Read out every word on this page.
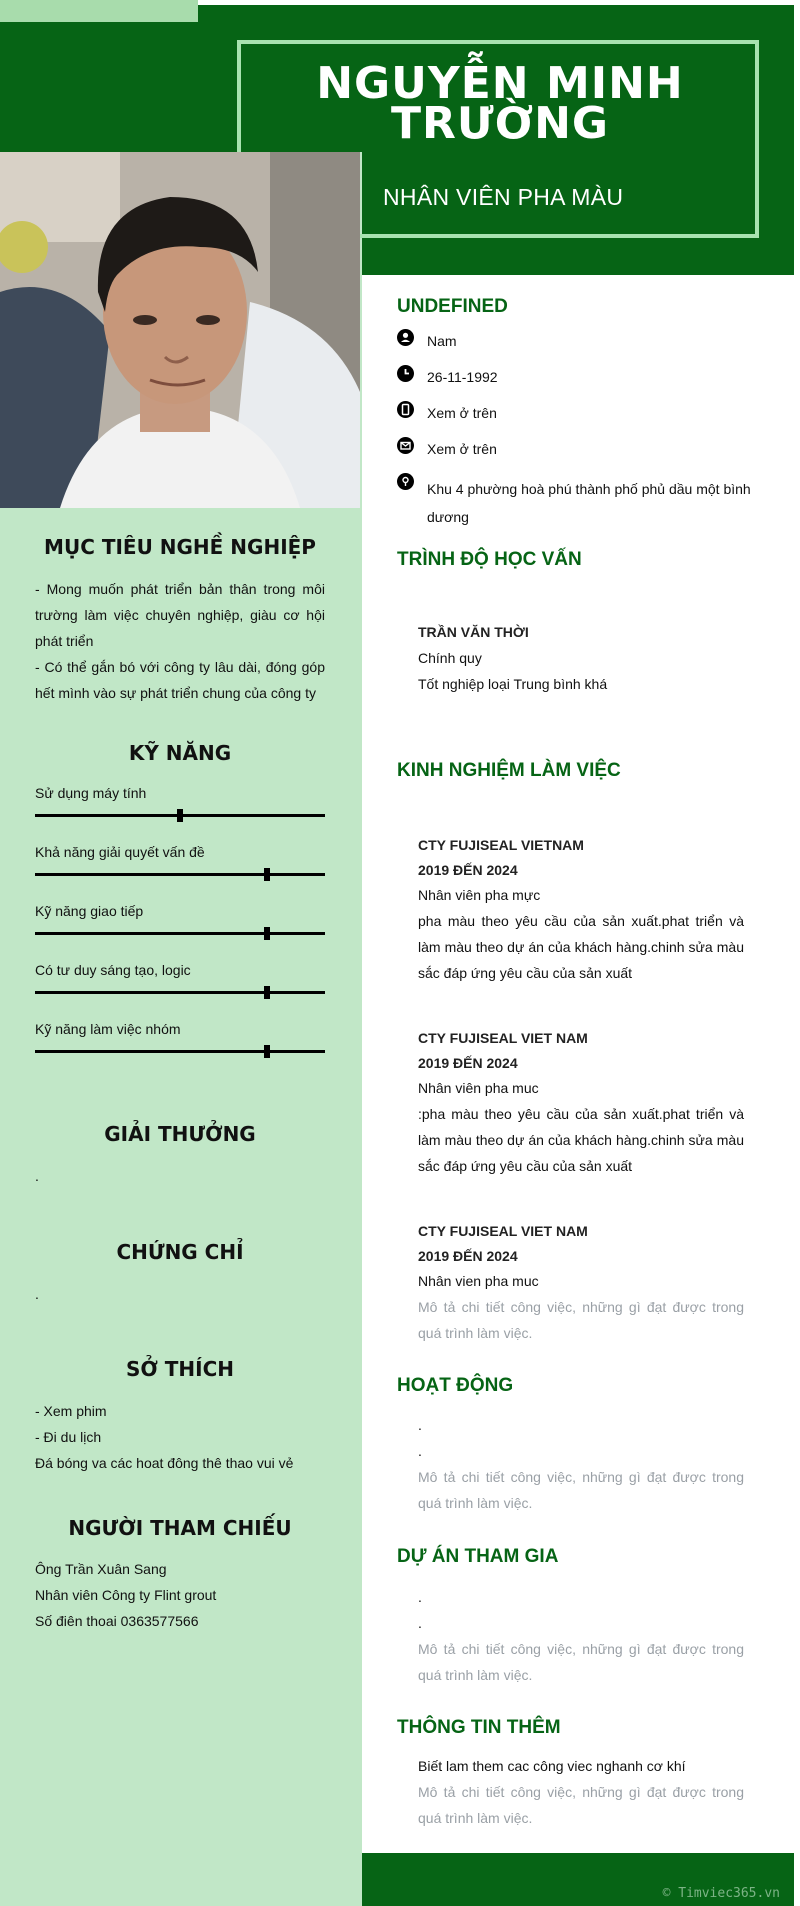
NGUYỄN MINH
TRƯỜNG
NHÂN VIÊN PHA MÀU
UNDEFINED
Nam
26-11-1992
Xem ở trên
Xem ở trên
Khu 4 phường hoà phú thành phố phủ dầu một bình dương
TRÌNH ĐỘ HỌC VẤN
TRẦN VĂN THỜI
Chính quy
Tốt nghiệp loại Trung bình khá
KINH NGHIỆM LÀM VIỆC
CTY FUJISEAL VIETNAM
2019 ĐẾN 2024
Nhân viên pha mực
pha màu theo yêu cầu của sản xuất.phat triển và làm màu theo dự án của khách hàng.chinh sửa màu sắc đáp ứng yêu cầu của sản xuất
CTY FUJISEAL VIET NAM
2019 ĐẾN 2024
Nhân viên pha muc
:pha màu theo yêu cầu của sản xuất.phat triển và làm màu theo dự án của khách hàng.chinh sửa màu sắc đáp ứng yêu cầu của sản xuất
CTY FUJISEAL VIET NAM
2019 ĐẾN 2024
Nhân vien pha muc
Mô tả chi tiết công việc, những gì đạt được trong quá trình làm việc.
HOẠT ĐỘNG
.
.
Mô tả chi tiết công việc, những gì đạt được trong quá trình làm việc.
DỰ ÁN THAM GIA
.
.
Mô tả chi tiết công việc, những gì đạt được trong quá trình làm việc.
THÔNG TIN THÊM
Biết lam them cac công viec nghanh cơ khí
Mô tả chi tiết công việc, những gì đạt được trong quá trình làm việc.
MỤC TIÊU NGHỀ NGHIỆP
- Mong muốn phát triển bản thân trong môi trường làm việc chuyên nghiệp, giàu cơ hội phát triển
- Có thể gắn bó với công ty lâu dài, đóng góp hết mình vào sự phát triển chung của công ty
KỸ NĂNG
Sử dụng máy tính
Khả năng giải quyết vấn đề
Kỹ năng giao tiếp
Có tư duy sáng tạo, logic
Kỹ năng làm việc nhóm
GIẢI THƯỞNG
.
CHỨNG CHỈ
.
SỞ THÍCH
- Xem phim
- Đi du lịch
Đá bóng va các hoat đông thê thao vui vẻ
NGƯỜI THAM CHIẾU
Ông Trần Xuân Sang
Nhân viên Công ty Flint grout
Số điên thoai 0363577566
© Timviec365.vn
